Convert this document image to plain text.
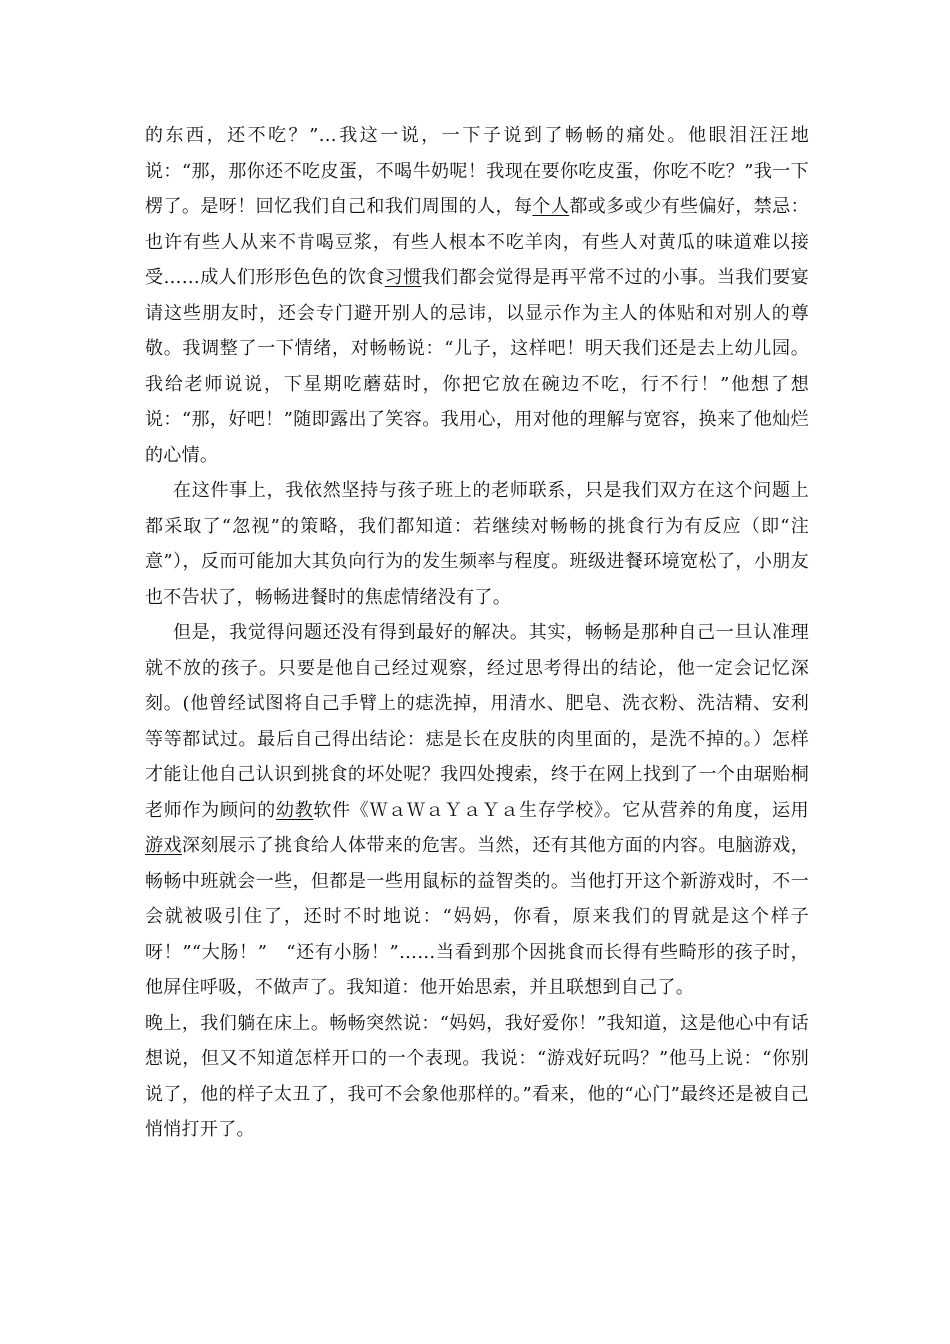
的东西，还不吃？”…我这一说，一下子说到了畅畅的痛处。他眼泪汪汪地说：“那，那你还不吃皮蛋，不喝牛奶呢！我现在要你吃皮蛋，你吃不吃？”我一下楞了。是呀！回忆我们自己和我们周围的人，每个人都或多或少有些偏好，禁忌：也许有些人从来不肯喝豆浆，有些人根本不吃羊肉，有些人对黄瓜的味道难以接受……成人们形形色色的饮食习惯我们都会觉得是再平常不过的小事。当我们要宴请这些朋友时，还会专门避开别人的忌讳，以显示作为主人的体贴和对别人的尊敬。我调整了一下情绪，对畅畅说：“儿子，这样吧！明天我们还是去上幼儿园。我给老师说说，下星期吃蘑菇时，你把它放在碗边不吃，行不行！”他想了想说：“那，好吧！”随即露出了笑容。我用心，用对他的理解与宽容，换来了他灿烂的心情。

在这件事上，我依然坚持与孩子班上的老师联系，只是我们双方在这个问题上都采取了“忽视”的策略，我们都知道：若继续对畅畅的挑食行为有反应（即“注意”），反而可能加大其负向行为的发生频率与程度。班级进餐环境宽松了，小朋友也不告状了，畅畅进餐时的焦虑情绪没有了。

但是，我觉得问题还没有得到最好的解决。其实，畅畅是那种自己一旦认准理就不放的孩子。只要是他自己经过观察，经过思考得出的结论，他一定会记忆深刻。(他曾经试图将自己手臂上的痣洗掉，用清水、肥皂、洗衣粉、洗洁精、安利等等都试过。最后自己得出结论：痣是长在皮肤的肉里面的，是洗不掉的。）怎样才能让他自己认识到挑食的坏处呢？我四处搜索，终于在网上找到了一个由琚贻桐老师作为顾问的幼教软件《ＷａＷａＹａＹａ生存学校》。它从营养的角度，运用游戏深刻展示了挑食给人体带来的危害。当然，还有其他方面的内容。电脑游戏，畅畅中班就会一些，但都是一些用鼠标的益智类的。当他打开这个新游戏时，不一会就被吸引住了，还时不时地说：“妈妈，你看，原来我们的胃就是这个样子呀！”“大肠！”　“还有小肠！”……当看到那个因挑食而长得有些畸形的孩子时，他屏住呼吸，不做声了。我知道：他开始思索，并且联想到自己了。

晚上，我们躺在床上。畅畅突然说：“妈妈，我好爱你！”我知道，这是他心中有话想说，但又不知道怎样开口的一个表现。我说：“游戏好玩吗？”他马上说：“你别说了，他的样子太丑了，我可不会象他那样的。”看来，他的“心门”最终还是被自己悄悄打开了。
